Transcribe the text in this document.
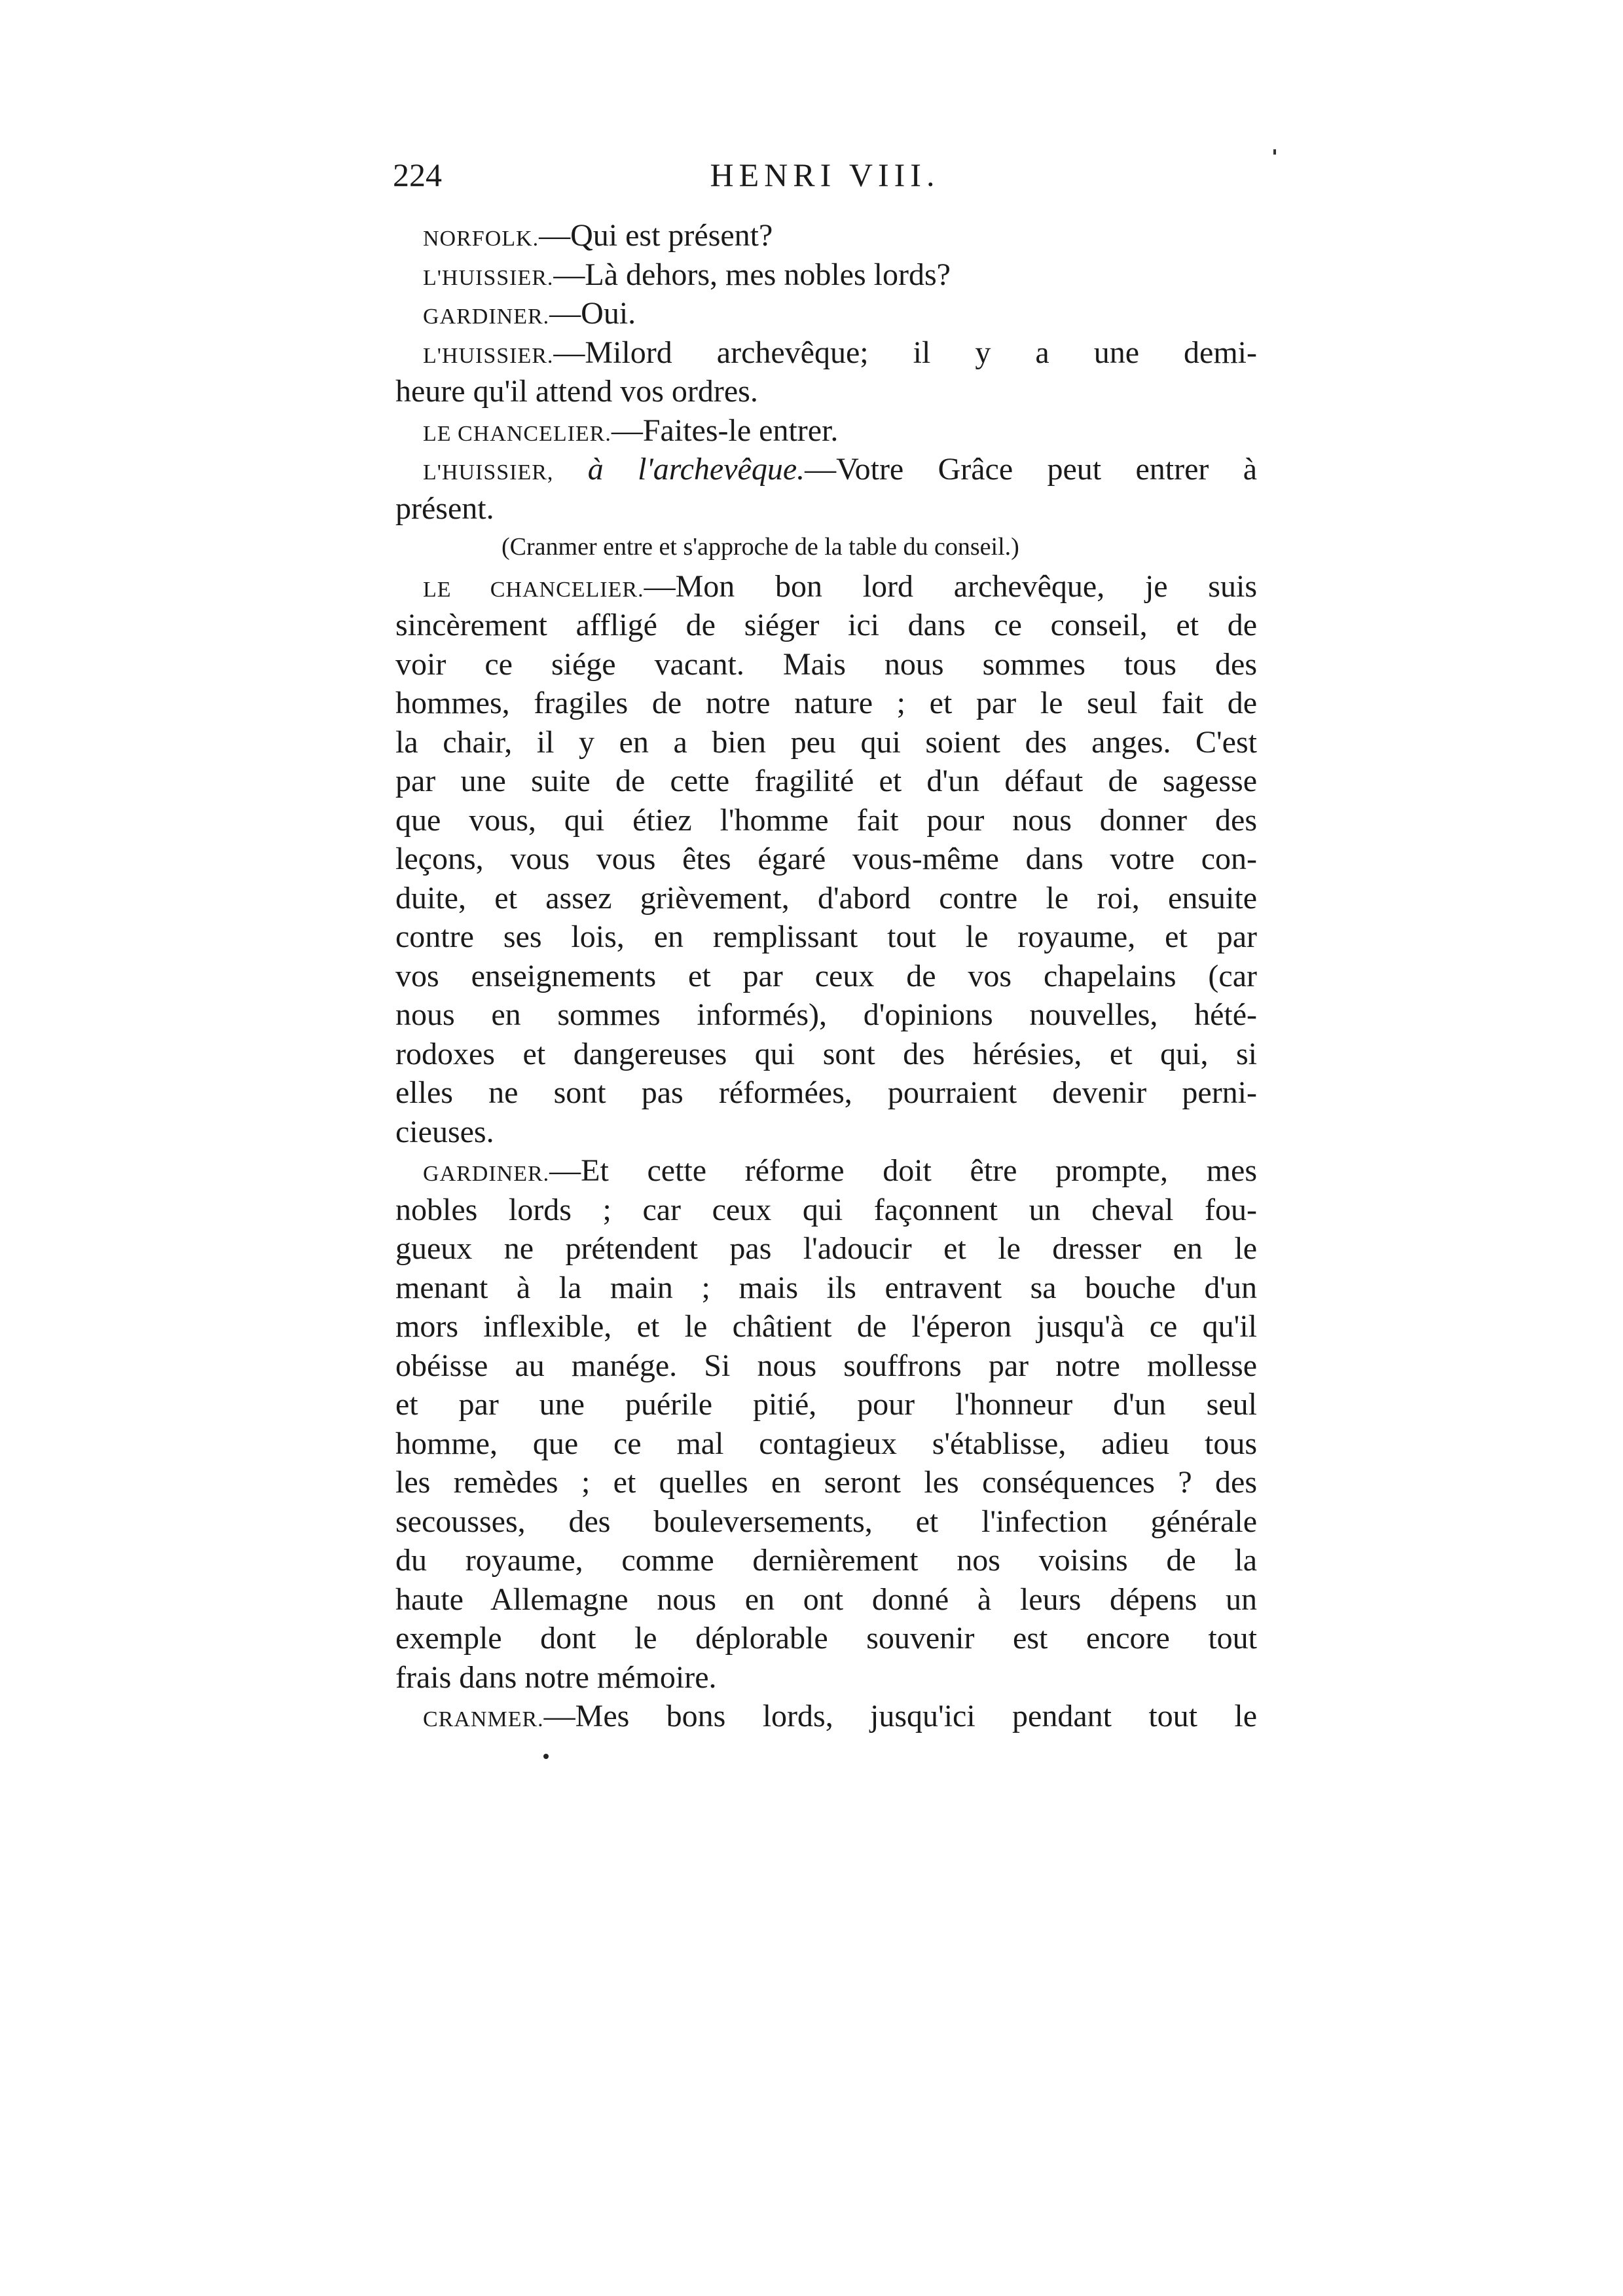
224	HENRI VIII.
NORFOLK.—Qui est présent?
L'HUISSIER.—Là dehors, mes nobles lords?
GARDINER.—Oui.
L'HUISSIER.—Milord archevêque; il y a une demi-
heure qu'il attend vos ordres.
LE CHANCELIER.—Faites-le entrer.
L'HUISSIER, à l'archevêque.—Votre Grâce peut entrer à
présent.
(Cranmer entre et s'approche de la table du conseil.)
LE CHANCELIER.—Mon bon lord archevêque, je suis
sincèrement affligé de siéger ici dans ce conseil, et de
voir ce siége vacant. Mais nous sommes tous des
hommes, fragiles de notre nature ; et par le seul fait de
la chair, il y en a bien peu qui soient des anges. C'est
par une suite de cette fragilité et d'un défaut de sagesse
que vous, qui étiez l'homme fait pour nous donner des
leçons, vous vous êtes égaré vous-même dans votre con-
duite, et assez grièvement, d'abord contre le roi, ensuite
contre ses lois, en remplissant tout le royaume, et par
vos enseignements et par ceux de vos chapelains (car
nous en sommes informés), d'opinions nouvelles, hété-
rodoxes et dangereuses qui sont des hérésies, et qui, si
elles ne sont pas réformées, pourraient devenir perni-
cieuses.
GARDINER.—Et cette réforme doit être prompte, mes
nobles lords ; car ceux qui façonnent un cheval fou-
gueux ne prétendent pas l'adoucir et le dresser en le
menant à la main ; mais ils entravent sa bouche d'un
mors inflexible, et le châtient de l'éperon jusqu'à ce qu'il
obéisse au manége. Si nous souffrons par notre mollesse
et par une puérile pitié, pour l'honneur d'un seul
homme, que ce mal contagieux s'établisse, adieu tous
les remèdes ; et quelles en seront les conséquences ? des
secousses, des bouleversements, et l'infection générale
du royaume, comme dernièrement nos voisins de la
haute Allemagne nous en ont donné à leurs dépens un
exemple dont le déplorable souvenir est encore tout
frais dans notre mémoire.
CRANMER.—Mes bons lords, jusqu'ici pendant tout le
